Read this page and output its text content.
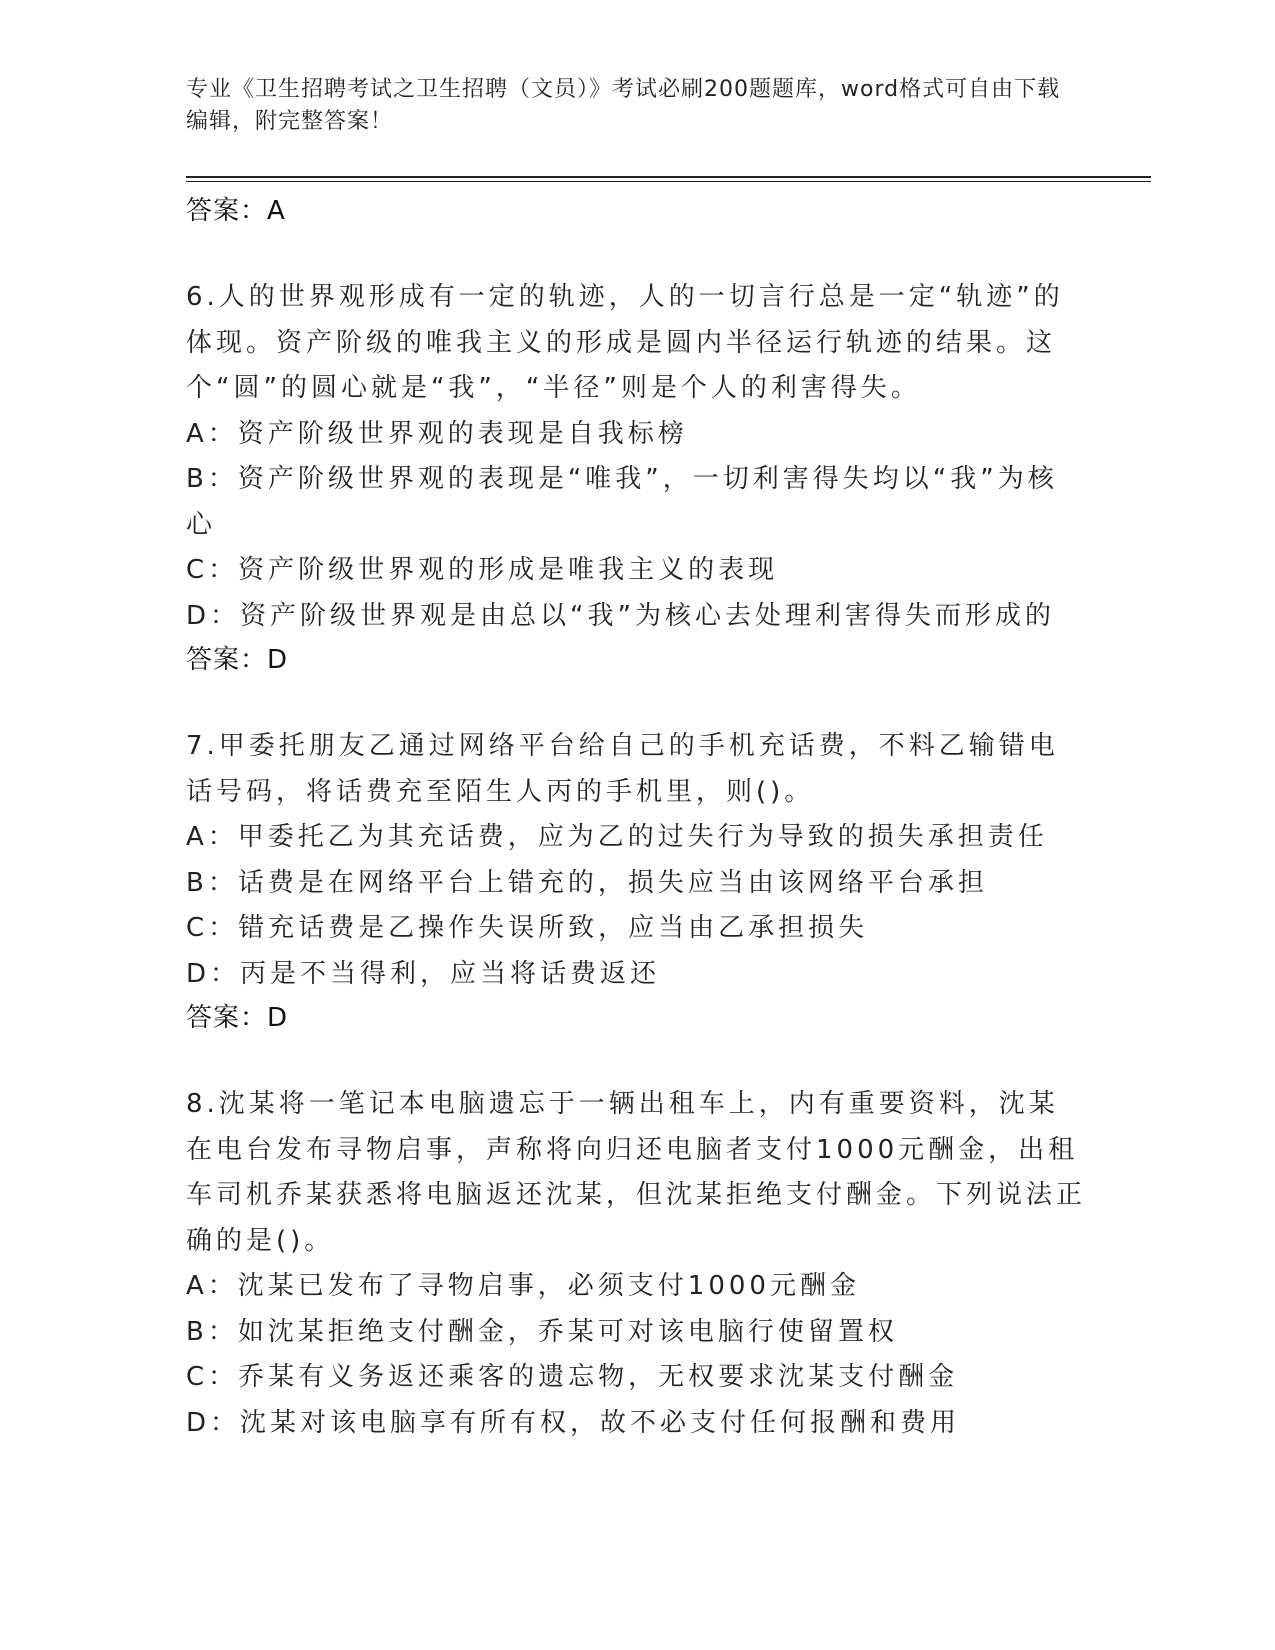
专业《卫生招聘考试之卫生招聘（文员）》考试必刷200题题库，word格式可自由下载编辑，附完整答案！
答案：A
6.人的世界观形成有一定的轨迹，人的一切言行总是一定“轨迹”的体现。资产阶级的唯我主义的形成是圆内半径运行轨迹的结果。这个“圆”的圆心就是“我”，“半径”则是个人的利害得失。
A：资产阶级世界观的表现是自我标榜
B：资产阶级世界观的表现是“唯我”，一切利害得失均以“我”为核心
C：资产阶级世界观的形成是唯我主义的表现
D：资产阶级世界观是由总以“我”为核心去处理利害得失而形成的
答案：D
7.甲委托朋友乙通过网络平台给自己的手机充话费，不料乙输错电话号码，将话费充至陌生人丙的手机里，则()。
A：甲委托乙为其充话费，应为乙的过失行为导致的损失承担责任
B：话费是在网络平台上错充的，损失应当由该网络平台承担
C：错充话费是乙操作失误所致，应当由乙承担损失
D：丙是不当得利，应当将话费返还
答案：D
8.沈某将一笔记本电脑遗忘于一辆出租车上，内有重要资料，沈某在电台发布寻物启事，声称将向归还电脑者支付1000元酬金，出租车司机乔某获悉将电脑返还沈某，但沈某拒绝支付酬金。下列说法正确的是()。
A：沈某已发布了寻物启事，必须支付1000元酬金
B：如沈某拒绝支付酬金，乔某可对该电脑行使留置权
C：乔某有义务返还乘客的遗忘物，无权要求沈某支付酬金
D：沈某对该电脑享有所有权，故不必支付任何报酬和费用
